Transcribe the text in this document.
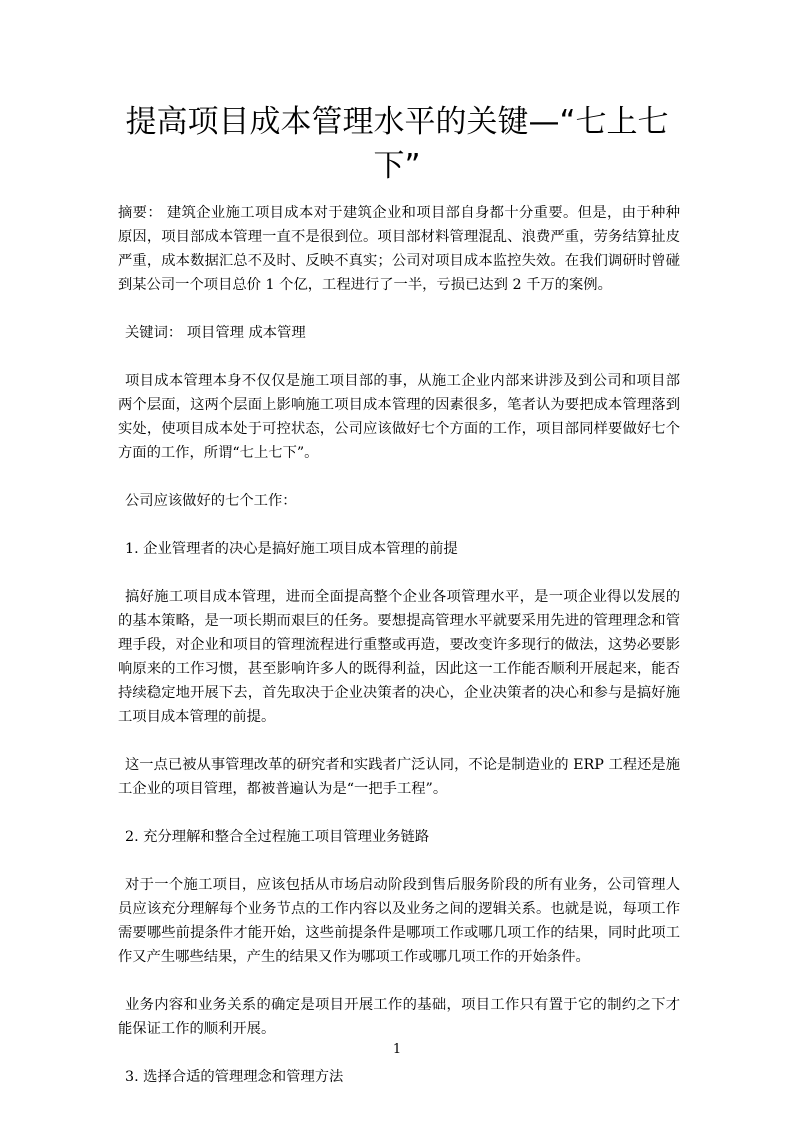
提高项目成本管理水平的关键—“七上七下”

摘要： 建筑企业施工项目成本对于建筑企业和项目部自身都十分重要。但是，由于种种原因，项目部成本管理一直不是很到位。项目部材料管理混乱、浪费严重，劳务结算扯皮严重，成本数据汇总不及时、反映不真实；公司对项目成本监控失效。在我们调研时曾碰到某公司一个项目总价 1 个亿，工程进行了一半，亏损已达到 2 千万的案例。

关键词： 项目管理 成本管理

项目成本管理本身不仅仅是施工项目部的事，从施工企业内部来讲涉及到公司和项目部两个层面，这两个层面上影响施工项目成本管理的因素很多，笔者认为要把成本管理落到实处，使项目成本处于可控状态，公司应该做好七个方面的工作，项目部同样要做好七个方面的工作，所谓“七上七下”。

公司应该做好的七个工作：

1. 企业管理者的决心是搞好施工项目成本管理的前提

搞好施工项目成本管理，进而全面提高整个企业各项管理水平，是一项企业得以发展的的基本策略，是一项长期而艰巨的任务。要想提高管理水平就要采用先进的管理理念和管理手段，对企业和项目的管理流程进行重整或再造，要改变许多现行的做法，这势必要影响原来的工作习惯，甚至影响许多人的既得利益，因此这一工作能否顺利开展起来，能否持续稳定地开展下去，首先取决于企业决策者的决心，企业决策者的决心和参与是搞好施工项目成本管理的前提。

这一点已被从事管理改革的研究者和实践者广泛认同，不论是制造业的 ERP 工程还是施工企业的项目管理，都被普遍认为是“一把手工程”。

2. 充分理解和整合全过程施工项目管理业务链路

对于一个施工项目，应该包括从市场启动阶段到售后服务阶段的所有业务，公司管理人员应该充分理解每个业务节点的工作内容以及业务之间的逻辑关系。也就是说，每项工作需要哪些前提条件才能开始，这些前提条件是哪项工作或哪几项工作的结果，同时此项工作又产生哪些结果，产生的结果又作为哪项工作或哪几项工作的开始条件。

业务内容和业务关系的确定是项目开展工作的基础，项目工作只有置于它的制约之下才能保证工作的顺利开展。

3. 选择合适的管理理念和管理方法

1
